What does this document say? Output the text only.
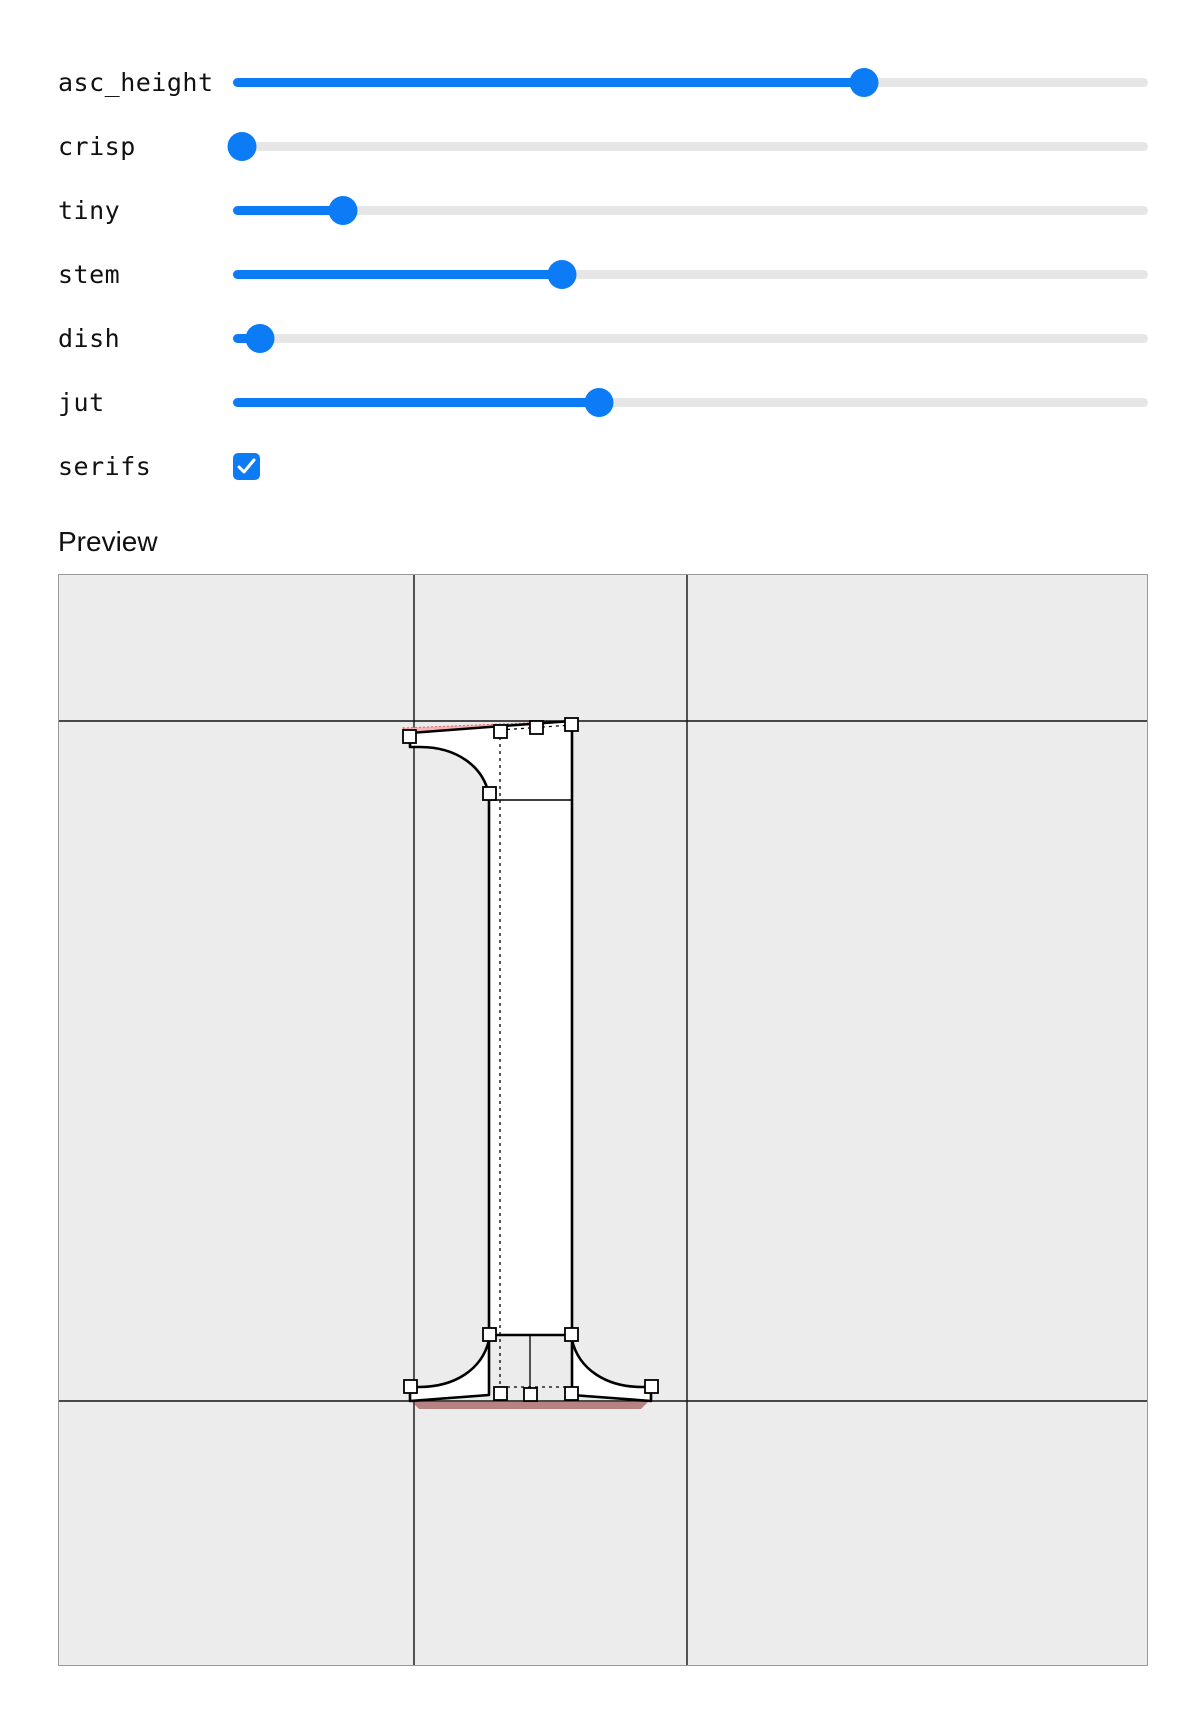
asc_height
crisp
tiny
stem
dish
jut
serifs
Preview
